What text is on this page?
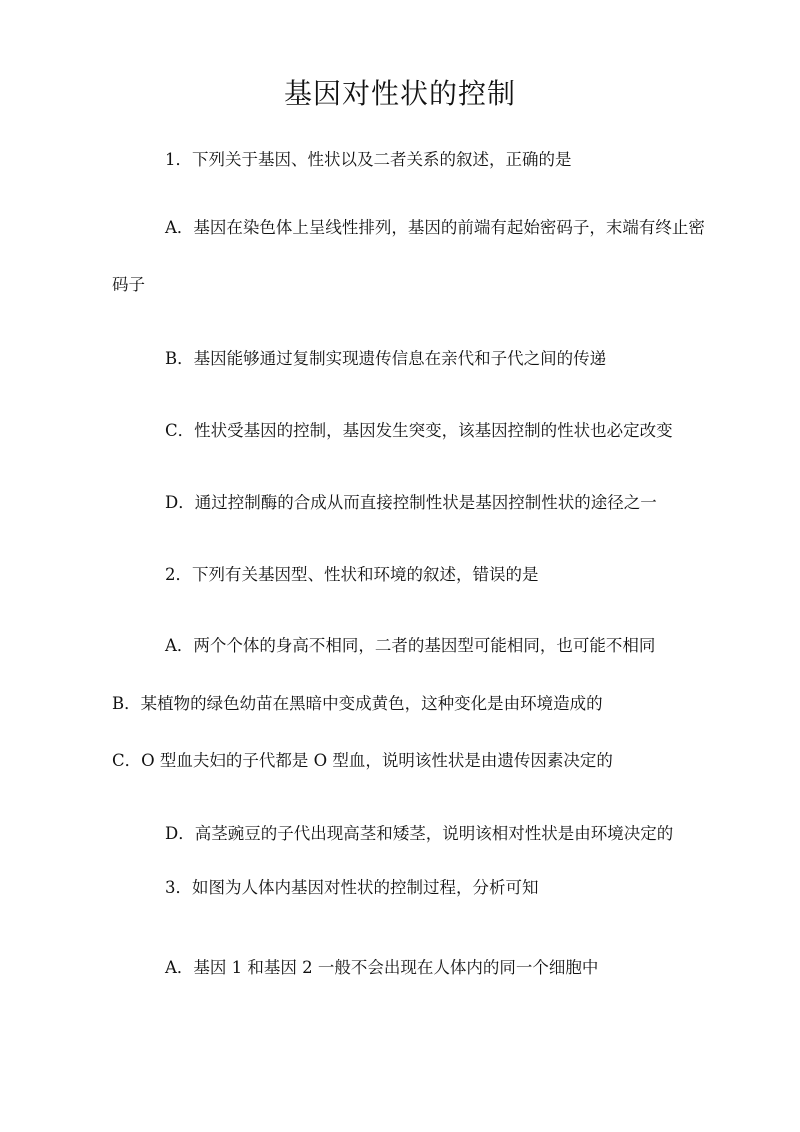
基因对性状的控制
1．下列关于基因、性状以及二者关系的叙述，正确的是
A．基因在染色体上呈线性排列，基因的前端有起始密码子，末端有终止密
码子
B．基因能够通过复制实现遗传信息在亲代和子代之间的传递
C．性状受基因的控制，基因发生突变，该基因控制的性状也必定改变
D．通过控制酶的合成从而直接控制性状是基因控制性状的途径之一
2．下列有关基因型、性状和环境的叙述，错误的是
A．两个个体的身高不相同，二者的基因型可能相同，也可能不相同
B．某植物的绿色幼苗在黑暗中变成黄色，这种变化是由环境造成的
C．O 型血夫妇的子代都是 O 型血，说明该性状是由遗传因素决定的
D．高茎豌豆的子代出现高茎和矮茎，说明该相对性状是由环境决定的
3．如图为人体内基因对性状的控制过程，分析可知
A．基因 1 和基因 2 一般不会出现在人体内的同一个细胞中
